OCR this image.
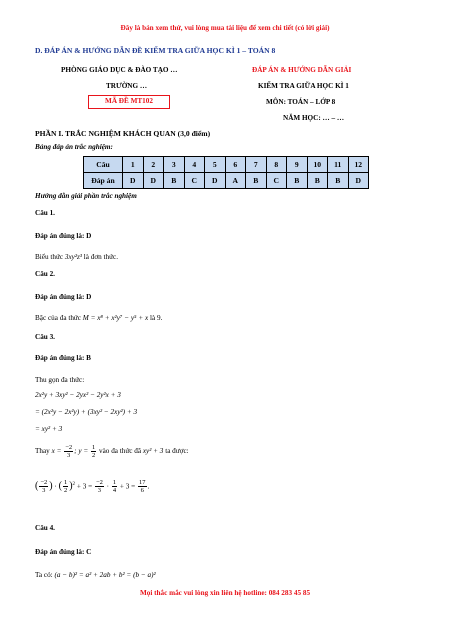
Đây là bản xem thử, vui lòng mua tài liệu để xem chi tiết (có lời giải)
D. ĐÁP ÁN & HƯỚNG DẪN ĐỀ KIỂM TRA GIỮA HỌC KÌ 1 – TOÁN 8
PHÒNG GIÁO DỤC & ĐÀO TẠO …
TRƯỜNG …
MÃ ĐỀ MT102
ĐÁP ÁN & HƯỚNG DẪN GIẢI
KIỂM TRA GIỮA HỌC KÌ 1
MÔN: TOÁN – LỚP 8
NĂM HỌC: … – …
PHẦN I. TRẮC NGHIỆM KHÁCH QUAN (3,0 điểm)
Bảng đáp án trắc nghiệm:
Câu	1	2	3	4	5	6	7	8	9	10	11	12
Đáp án	D	D	B	C	D	A	B	C	B	B	B	D
Hướng dẫn giải phần trắc nghiệm
Câu 1.
Đáp án đúng là: D
Biểu thức 3xy²z³ là đơn thức.
Câu 2.
Đáp án đúng là: D
Bậc của đa thức M = x⁸ + x²y⁷ − y⁵ + x là 9.
Câu 3.
Đáp án đúng là: B
Thu gọn đa thức:
2x²y + 3xy² − 2yx² − 2y²x + 3
= (2x²y − 2x²y) + (3xy² − 2xy²) + 3
= xy² + 3
Thay $x = \frac{-2}{3}$ ; $y = \frac{1}{2}$ vào đa thức đã xy² + 3 ta được:
( $\frac{-2}{3}$ ) · ( $\frac{1}{2} )^2 + 3 = \frac{-2}{3} \cdot \frac{1}{4} + 3 = \frac{17}{6}$ .
Câu 4.
Đáp án đúng là: C
Ta có: (a − b)² = a² + 2ab + b² = (b − a)²
Mọi thắc mắc vui lòng xin liên hệ hotline: 084 283 45 85
